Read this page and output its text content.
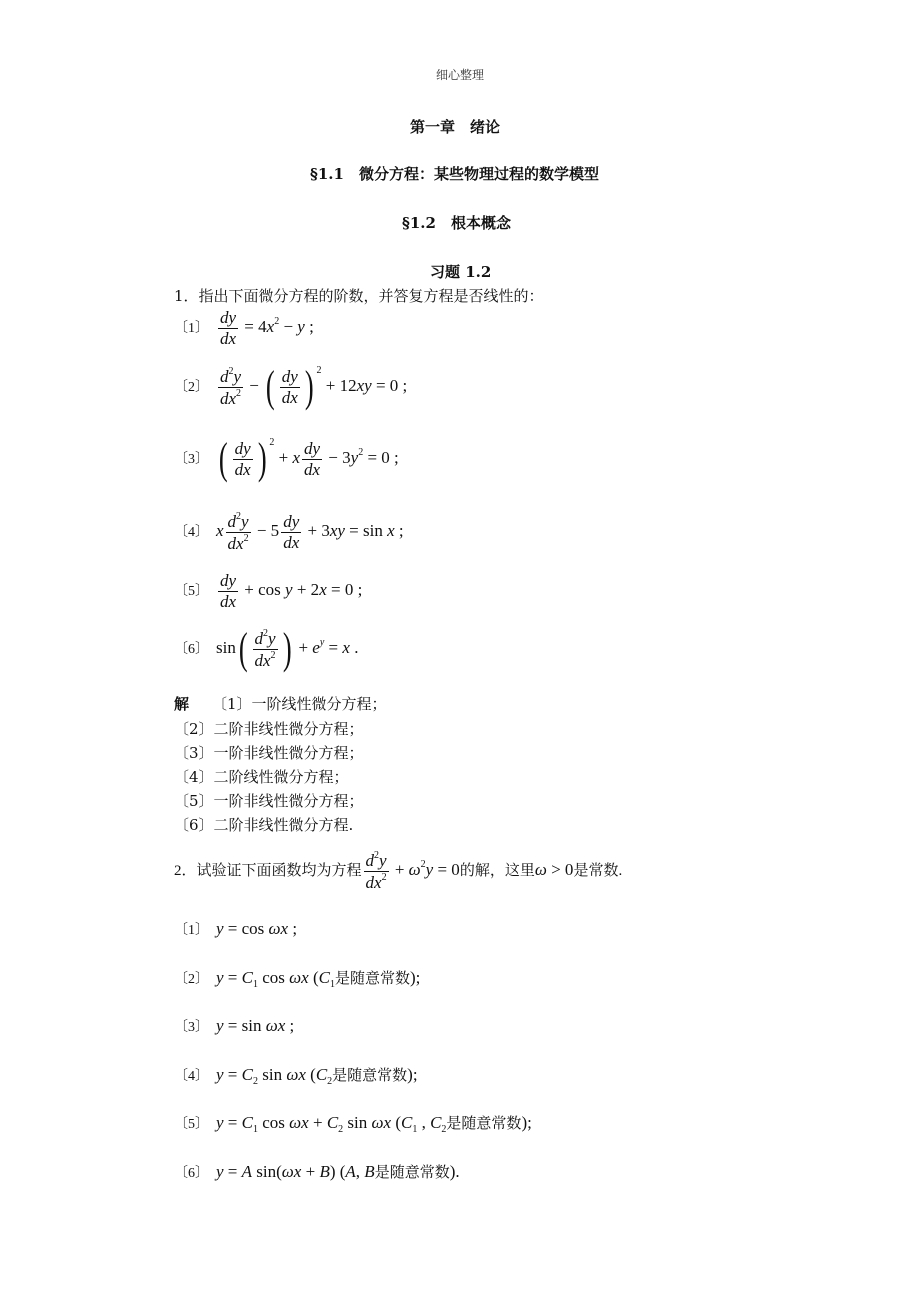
细心整理
第一章　绪论
§1.1　微分方程：某些物理过程的数学模型
§1.2　根本概念
习题 1.2
1．指出下面微分方程的阶数，并答复方程是否线性的：
〔1〕 $\frac{dy}{dx} = 4x^2 - y$ ;
〔2〕 $\frac{d^2y}{dx^2}$ − ( $\frac{dy}{dx}$ ) $^2$ + 12xy = 0 ;
〔3〕 ( $\frac{dy}{dx}$ ) $^2$ + x $\frac{dy}{dx} - 3y^2 = 0$ ;
〔4〕 x $\frac{d^2y}{dx^2} - 5 \frac{dy}{dx} + 3xy = \sin x$ ;
〔5〕 $\frac{dy}{dx} + \cos y + 2x = 0$ ;
〔6〕 $\sin( \frac{d^2y}{dx^2}$ ) + $e^y = x$ .
解 〔1〕一阶线性微分方程；
〔2〕二阶非线性微分方程；
〔3〕一阶非线性微分方程；
〔4〕二阶线性微分方程；
〔5〕一阶非线性微分方程；
〔6〕二阶非线性微分方程.
2．试验证下面函数均为方程 $\frac{d^2y}{dx^2} + \omega^2y = 0$的解，这里ω > 0是常数.
〔1〕 y = cos ωx ;
〔2〕 $y = C_1$ cos ωx ($C_1$是随意常数);
〔3〕 y = sin ωx ;
〔4〕 $y = C_2$ sin ωx ($C_2$是随意常数);
〔5〕 $y = C_1$ $\cos \omega x + C_2$ sin ωx ($C_1$ , $C_2$是随意常数);
〔6〕 y = A sin(ωx + B) (A, B是随意常数).
